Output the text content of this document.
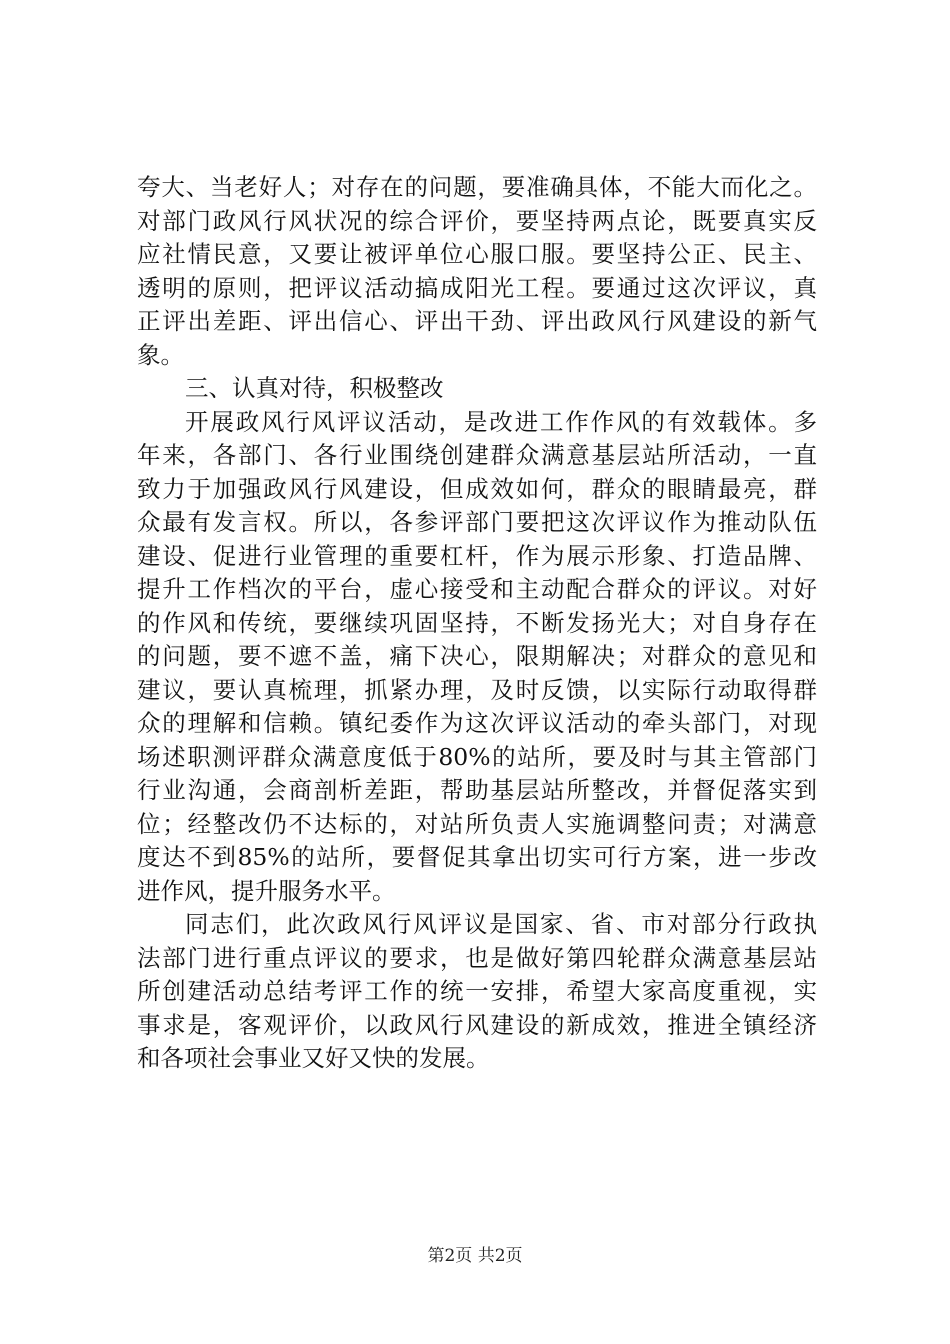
夸大、当老好人；对存在的问题，要准确具体，不能大而化之。
对部门政风行风状况的综合评价，要坚持两点论，既要真实反
应社情民意，又要让被评单位心服口服。要坚持公正、民主、
透明的原则，把评议活动搞成阳光工程。要通过这次评议，真
正评出差距、评出信心、评出干劲、评出政风行风建设的新气
象。
三、认真对待，积极整改
开展政风行风评议活动，是改进工作作风的有效载体。多
年来，各部门、各行业围绕创建群众满意基层站所活动，一直
致力于加强政风行风建设，但成效如何，群众的眼睛最亮，群
众最有发言权。所以，各参评部门要把这次评议作为推动队伍
建设、促进行业管理的重要杠杆，作为展示形象、打造品牌、
提升工作档次的平台，虚心接受和主动配合群众的评议。对好
的作风和传统，要继续巩固坚持，不断发扬光大；对自身存在
的问题，要不遮不盖，痛下决心，限期解决；对群众的意见和
建议，要认真梳理，抓紧办理，及时反馈，以实际行动取得群
众的理解和信赖。镇纪委作为这次评议活动的牵头部门，对现
场述职测评群众满意度低于80%的站所，要及时与其主管部门
行业沟通，会商剖析差距，帮助基层站所整改，并督促落实到
位；经整改仍不达标的，对站所负责人实施调整问责；对满意
度达不到85%的站所，要督促其拿出切实可行方案，进一步改
进作风，提升服务水平。
同志们，此次政风行风评议是国家、省、市对部分行政执
法部门进行重点评议的要求，也是做好第四轮群众满意基层站
所创建活动总结考评工作的统一安排，希望大家高度重视，实
事求是，客观评价，以政风行风建设的新成效，推进全镇经济
和各项社会事业又好又快的发展。
第2页 共2页
